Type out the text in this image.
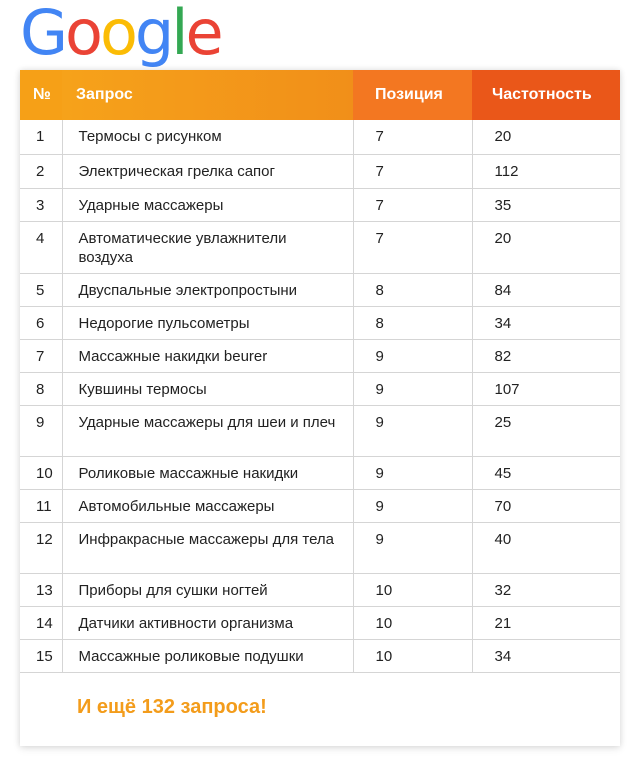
Google
№	Запрос	Позиция	Частотность
1	Термосы с рисунком	7	20
2	Электрическая грелка сапог	7	112
3	Ударные массажеры	7	35
4	Автоматические увлажнители воздуха	7	20
5	Двуспальные электропростыни	8	84
6	Недорогие пульсометры	8	34
7	Массажные накидки beurer	9	82
8	Кувшины термосы	9	107
9	Ударные массажеры для шеи и плеч	9	25
10	Роликовые массажные накидки	9	45
11	Автомобильные массажеры	9	70
12	Инфракрасные массажеры для тела	9	40
13	Приборы для сушки ногтей	10	32
14	Датчики активности организма	10	21
15	Массажные роликовые подушки	10	34
И ещё 132 запроса!
